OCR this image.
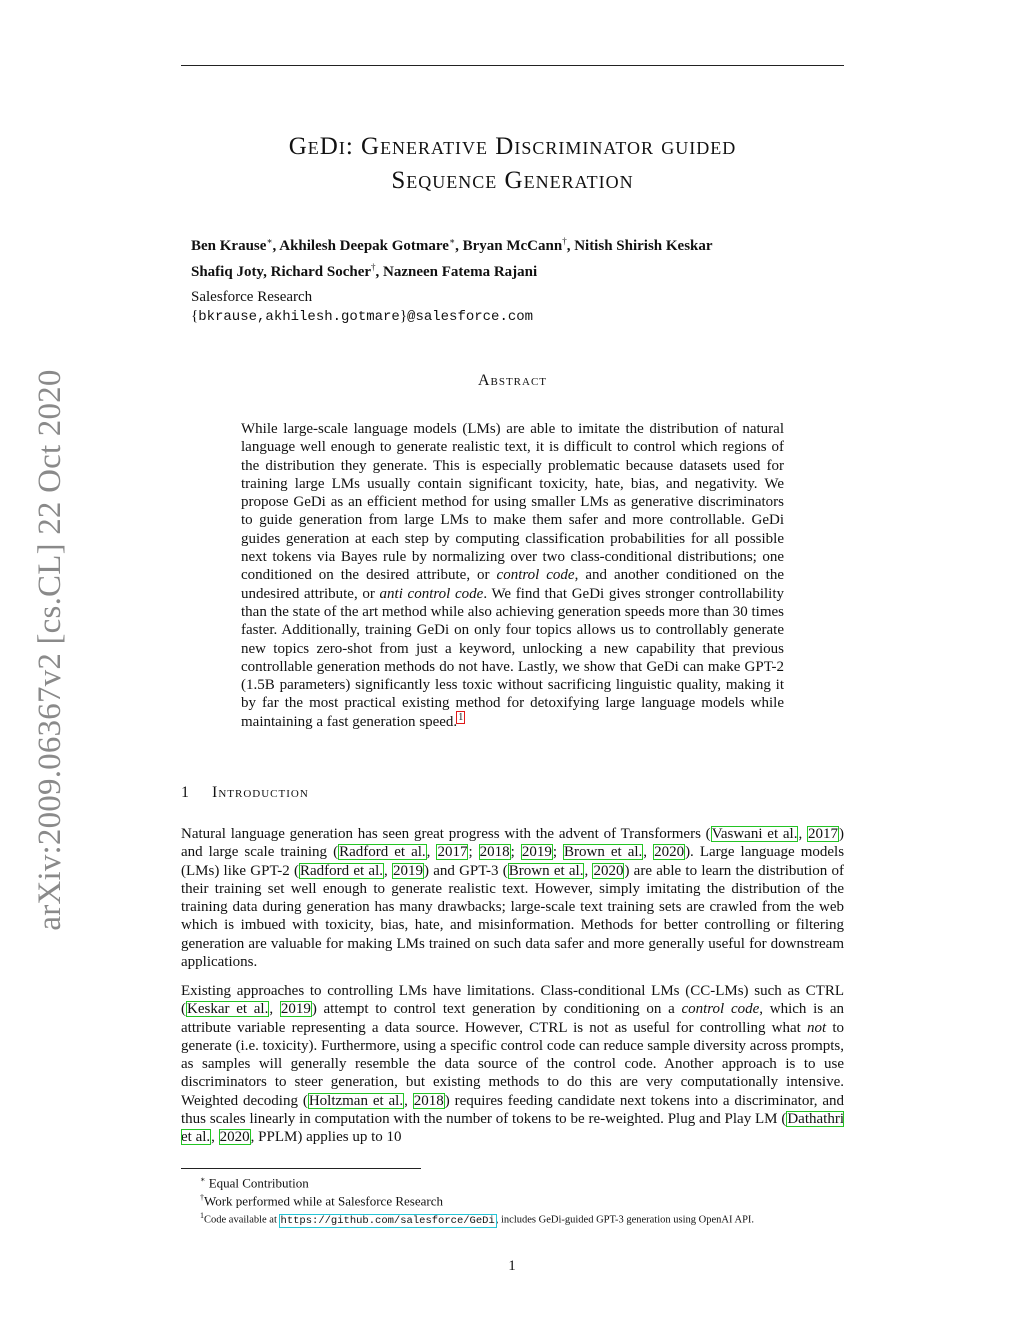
arXiv:2009.06367v2 [cs.CL] 22 Oct 2020
GeDi: Generative Discriminator guided
Sequence Generation
Ben Krause∗, Akhilesh Deepak Gotmare∗, Bryan McCann†, Nitish Shirish Keskar
Shafiq Joty, Richard Socher†, Nazneen Fatema Rajani
Salesforce Research
{bkrause,akhilesh.gotmare}@salesforce.com
Abstract
While large-scale language models (LMs) are able to imitate the distribution of natural language well enough to generate realistic text, it is difficult to control which regions of the distribution they generate. This is especially problematic because datasets used for training large LMs usually contain significant toxicity, hate, bias, and negativity. We propose GeDi as an efficient method for using smaller LMs as generative discriminators to guide generation from large LMs to make them safer and more controllable. GeDi guides generation at each step by computing classification probabilities for all possible next tokens via Bayes rule by normalizing over two class-conditional distributions; one conditioned on the desired attribute, or control code, and another conditioned on the undesired attribute, or anti control code. We find that GeDi gives stronger controllability than the state of the art method while also achieving generation speeds more than 30 times faster. Additionally, training GeDi on only four topics allows us to controllably generate new topics zero-shot from just a keyword, unlocking a new capability that previous controllable generation methods do not have. Lastly, we show that GeDi can make GPT-2 (1.5B parameters) significantly less toxic without sacrificing linguistic quality, making it by far the most practical existing method for detoxifying large language models while maintaining a fast generation speed.$^1$
1 Introduction
Natural language generation has seen great progress with the advent of Transformers (Vaswani et al., 2017) and large scale training (Radford et al., 2017; 2018; 2019; Brown et al., 2020). Large language models (LMs) like GPT-2 (Radford et al., 2019) and GPT-3 (Brown et al., 2020) are able to learn the distribution of their training set well enough to generate realistic text. However, simply imitating the distribution of the training data during generation has many drawbacks; large-scale text training sets are crawled from the web which is imbued with toxicity, bias, hate, and misinformation. Methods for better controlling or filtering generation are valuable for making LMs trained on such data safer and more generally useful for downstream applications.
Existing approaches to controlling LMs have limitations. Class-conditional LMs (CC-LMs) such as CTRL (Keskar et al., 2019) attempt to control text generation by conditioning on a control code, which is an attribute variable representing a data source. However, CTRL is not as useful for controlling what not to generate (i.e. toxicity). Furthermore, using a specific control code can reduce sample diversity across prompts, as samples will generally resemble the data source of the control code. Another approach is to use discriminators to steer generation, but existing methods to do this are very computationally intensive. Weighted decoding (Holtzman et al., 2018) requires feeding candidate next tokens into a discriminator, and thus scales linearly in computation with the number of tokens to be re-weighted. Plug and Play LM (Dathathri et al., 2020, PPLM) applies up to 10
∗ Equal Contribution
†Work performed while at Salesforce Research
$^1$Code available at https://github.com/salesforce/GeDi, includes GeDi-guided GPT-3 generation using OpenAI API.
1
